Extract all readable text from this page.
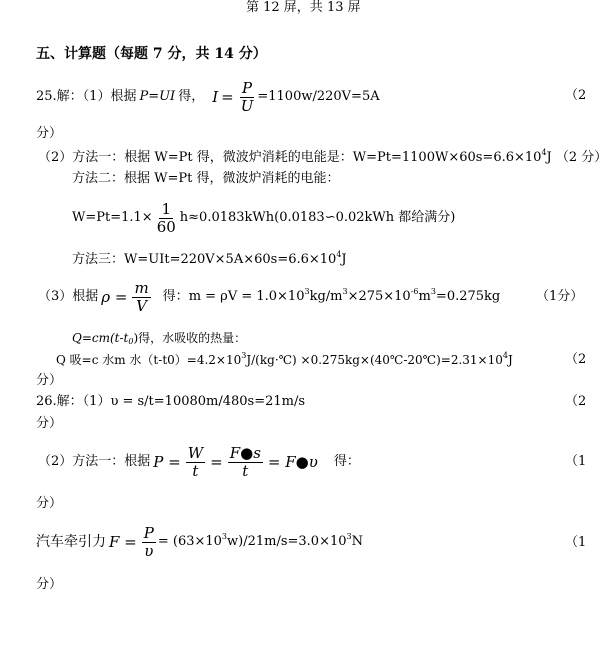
第 12 屏，共 13 屏
五、计算题（每题 7 分，共 14 分）
25.解：（1）根据 P=UI 得， $I = \frac{P}{U} =1100w/220V=5A$	（2
分）
（2）方法一：根据 W=Pt 得，微波炉消耗的电能是：$W=Pt=1100W\times 60s=6.6\times 10^4J$ （2 分）
方法二：根据 W=Pt 得，微波炉消耗的电能：
$W=Pt=1.1\times \frac{1}{60}$ h≈0.0183kWh(0.0183∽0.02kWh 都给满分)
方法三：$W=UIt=220V\times 5A\times 60s=6.6\times 10^4J$
（3）根据 $\rho = \frac{m}{V}$ 得： $m = \rho V = 1.0\times 10^3kg/m^3\times 275\times 10^{-6}m^3=0.275kg$	（1分）
$Q=cm(t-t_0)$得，水吸收的热量：
Q 吸=c 水m 水$(t-t0)=4.2\times 10^3J/(kg\cdot℃)$ $\times 0.275kg\times(40℃-20℃)=2.31\times 10^4J$	（2
分）
26.解：（1）υ = s/t=10080m/480s=21m/s	（2
分）
（2）方法一：根据 $P = \frac{W}{t} = \frac{F●s}{t}$ = F●υ 得：	（1
分）
汽车牵引力 $F = \frac{P}{\upsilon} = (63\times 10^3w)/21m/s=3.0\times 10^3N$	（1
分）
